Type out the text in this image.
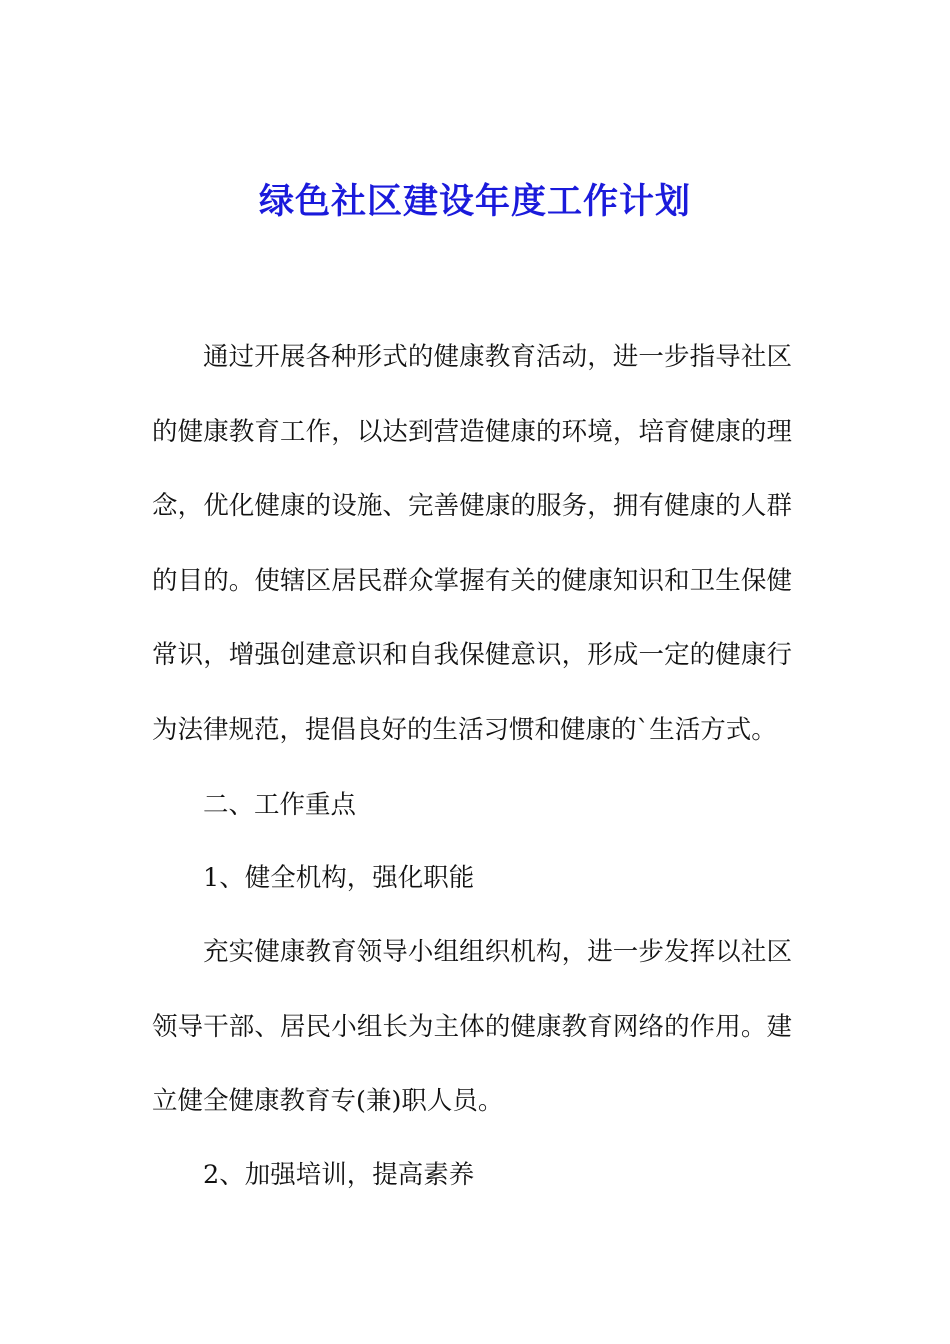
绿色社区建设年度工作计划

通过开展各种形式的健康教育活动，进一步指导社区的健康教育工作，以达到营造健康的环境，培育健康的理念，优化健康的设施、完善健康的服务，拥有健康的人群的目的。使辖区居民群众掌握有关的健康知识和卫生保健常识，增强创建意识和自我保健意识，形成一定的健康行为法律规范，提倡良好的生活习惯和健康的`生活方式。

二、工作重点

1、健全机构，强化职能

充实健康教育领导小组组织机构，进一步发挥以社区领导干部、居民小组长为主体的健康教育网络的作用。建立健全健康教育专(兼)职人员。

2、加强培训，提高素养
